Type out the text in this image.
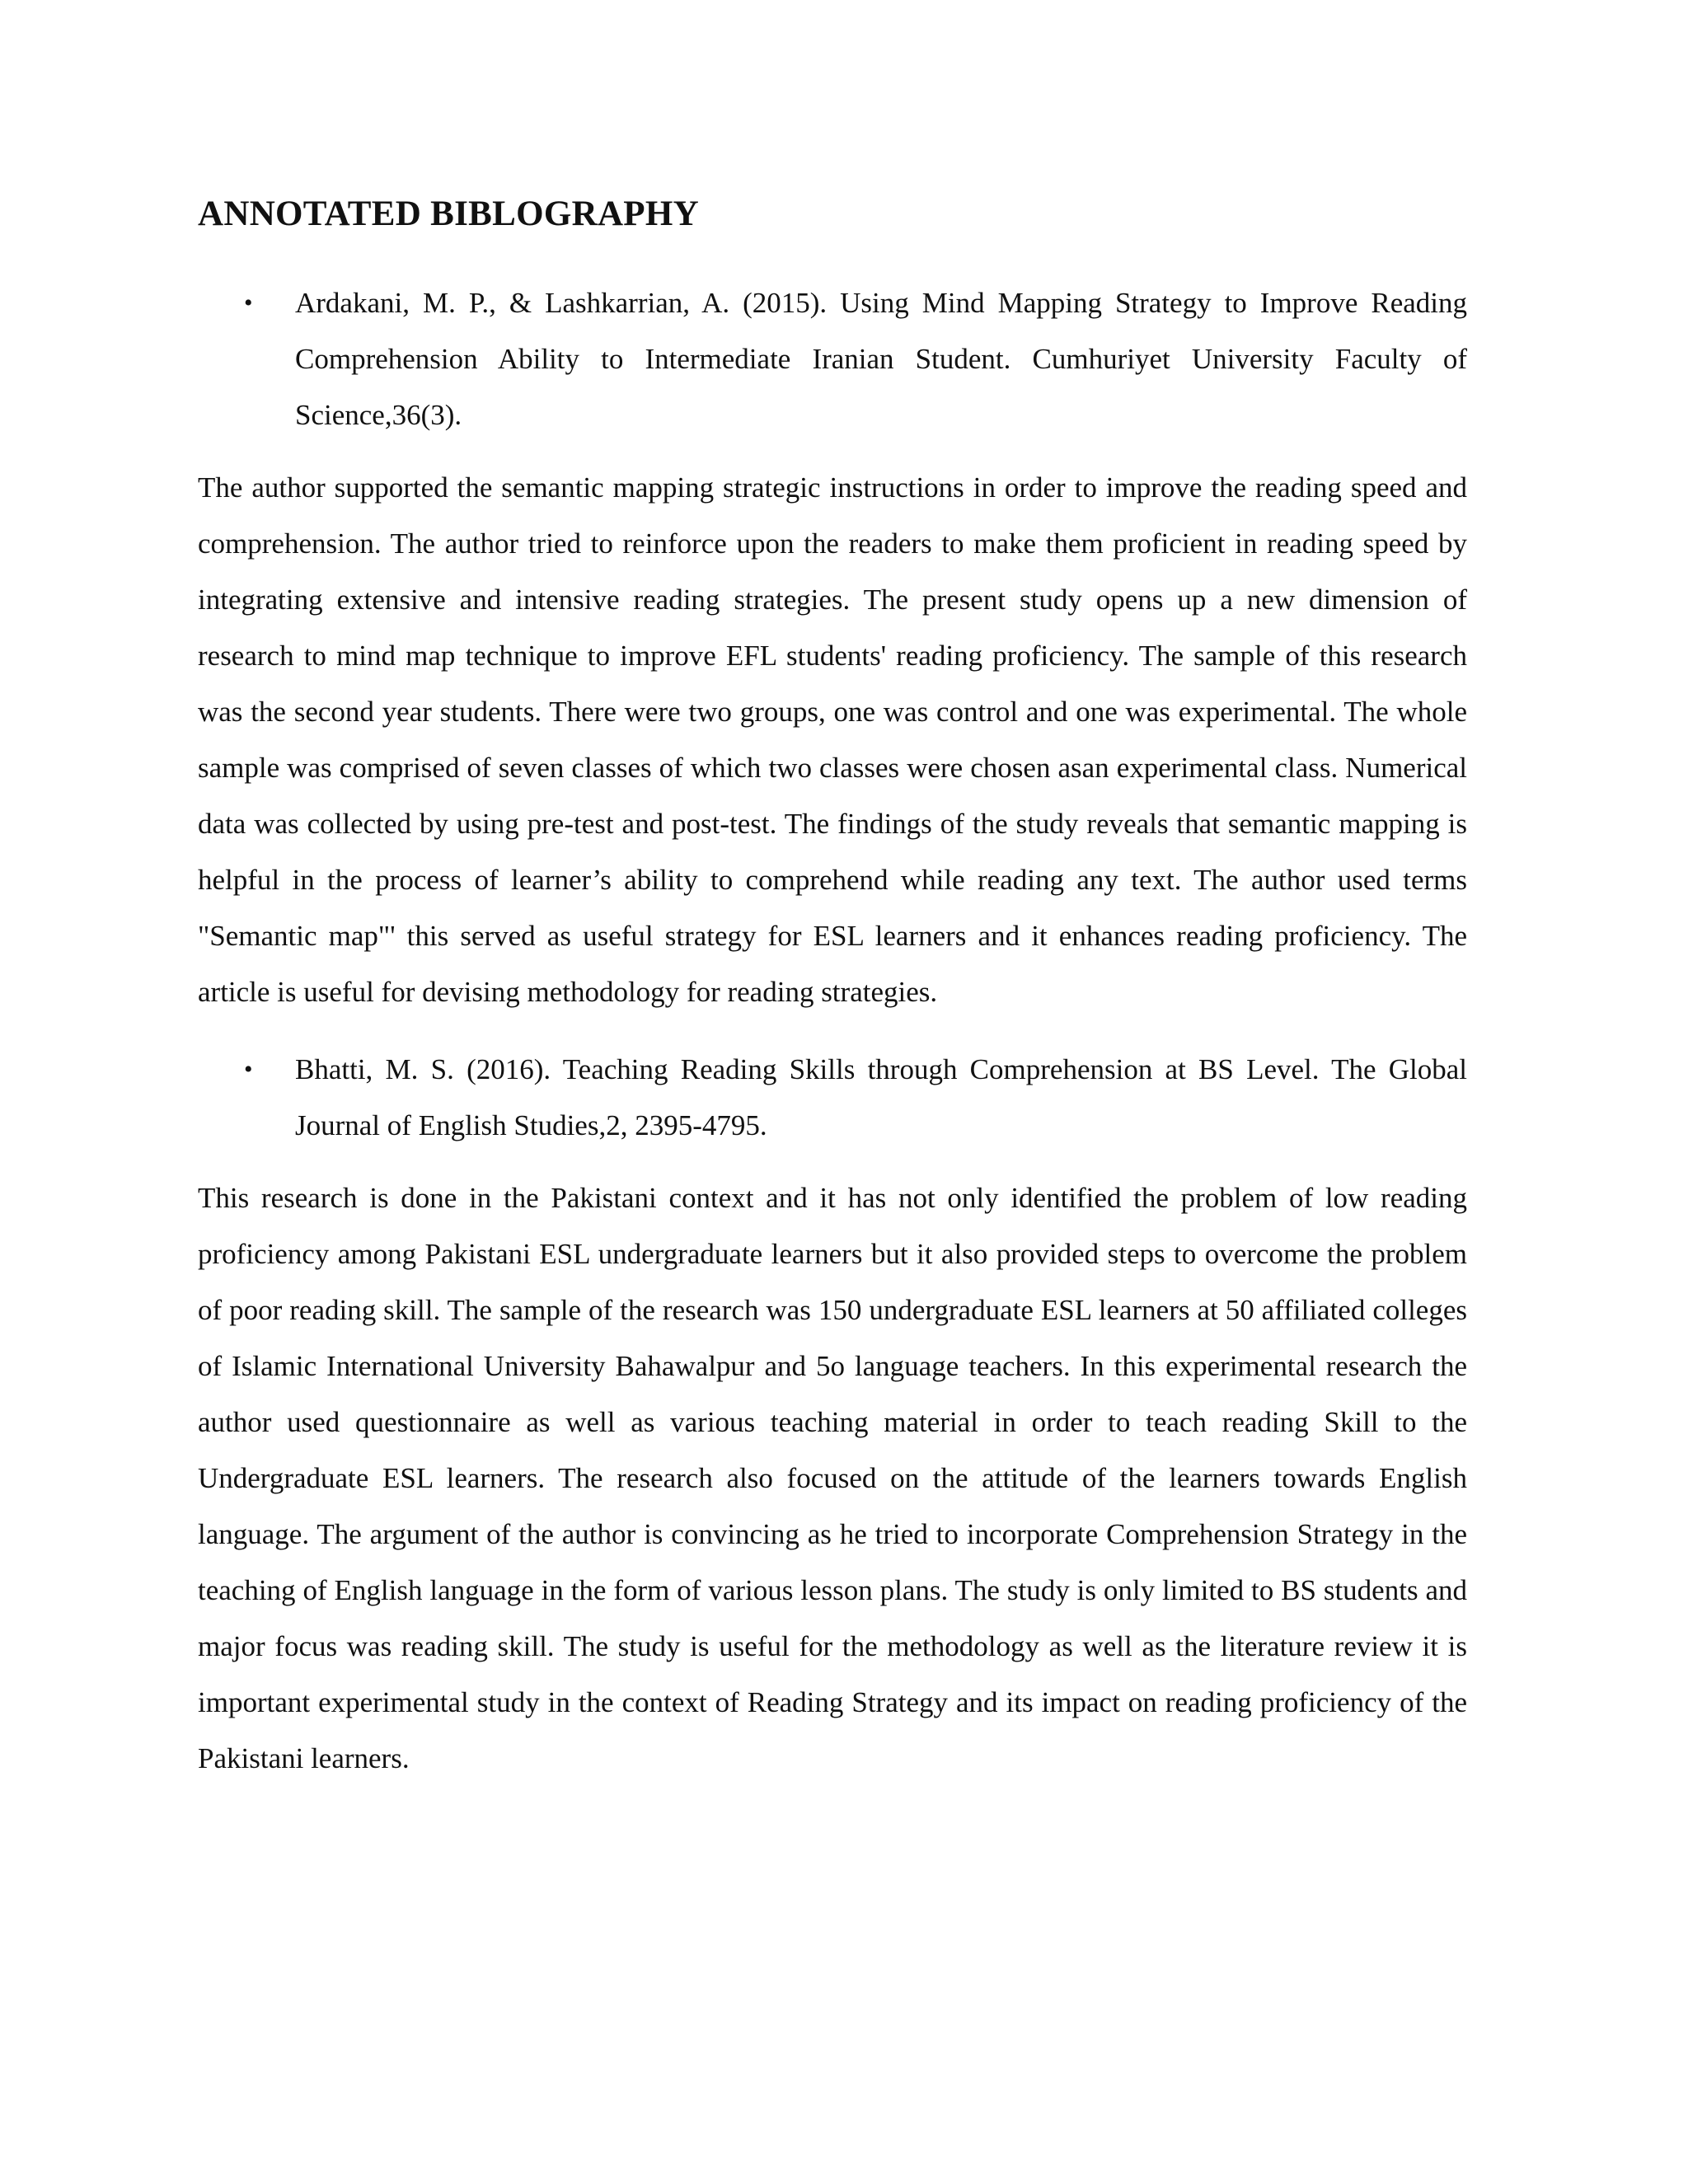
ANNOTATED BIBLOGRAPHY
• Ardakani, M. P., & Lashkarrian, A. (2015). Using Mind Mapping Strategy to Improve Reading Comprehension Ability to Intermediate Iranian Student. Cumhuriyet University Faculty of Science,36(3).

The author supported the semantic mapping strategic instructions in order to improve the reading speed and comprehension. The author tried to reinforce upon the readers to make them proficient in reading speed by integrating extensive and intensive reading strategies. The present study opens up a new dimension of research to mind map technique to improve EFL students' reading proficiency. The sample of this research was the second year students. There were two groups, one was control and one was experimental. The whole sample was comprised of seven classes of which two classes were chosen asan experimental class. Numerical data was collected by using pre-test and post-test. The findings of the study reveals that semantic mapping is helpful in the process of learner’s ability to comprehend while reading any text. The author used terms "Semantic map"' this served as useful strategy for ESL learners and it enhances reading proficiency. The article is useful for devising methodology for reading strategies.

• Bhatti, M. S. (2016). Teaching Reading Skills through Comprehension at BS Level. The Global Journal of English Studies,2, 2395-4795.

This research is done in the Pakistani context and it has not only identified the problem of low reading proficiency among Pakistani ESL undergraduate learners but it also provided steps to overcome the problem of poor reading skill. The sample of the research was 150 undergraduate ESL learners at 50 affiliated colleges of Islamic International University Bahawalpur and 5o language teachers. In this experimental research the author used questionnaire as well as various teaching material in order to teach reading Skill to the Undergraduate ESL learners. The research also focused on the attitude of the learners towards English language. The argument of the author is convincing as he tried to incorporate Comprehension Strategy in the teaching of English language in the form of various lesson plans. The study is only limited to BS students and major focus was reading skill. The study is useful for the methodology as well as the literature review it is important experimental study in the context of Reading Strategy and its impact on reading proficiency of the Pakistani learners.
